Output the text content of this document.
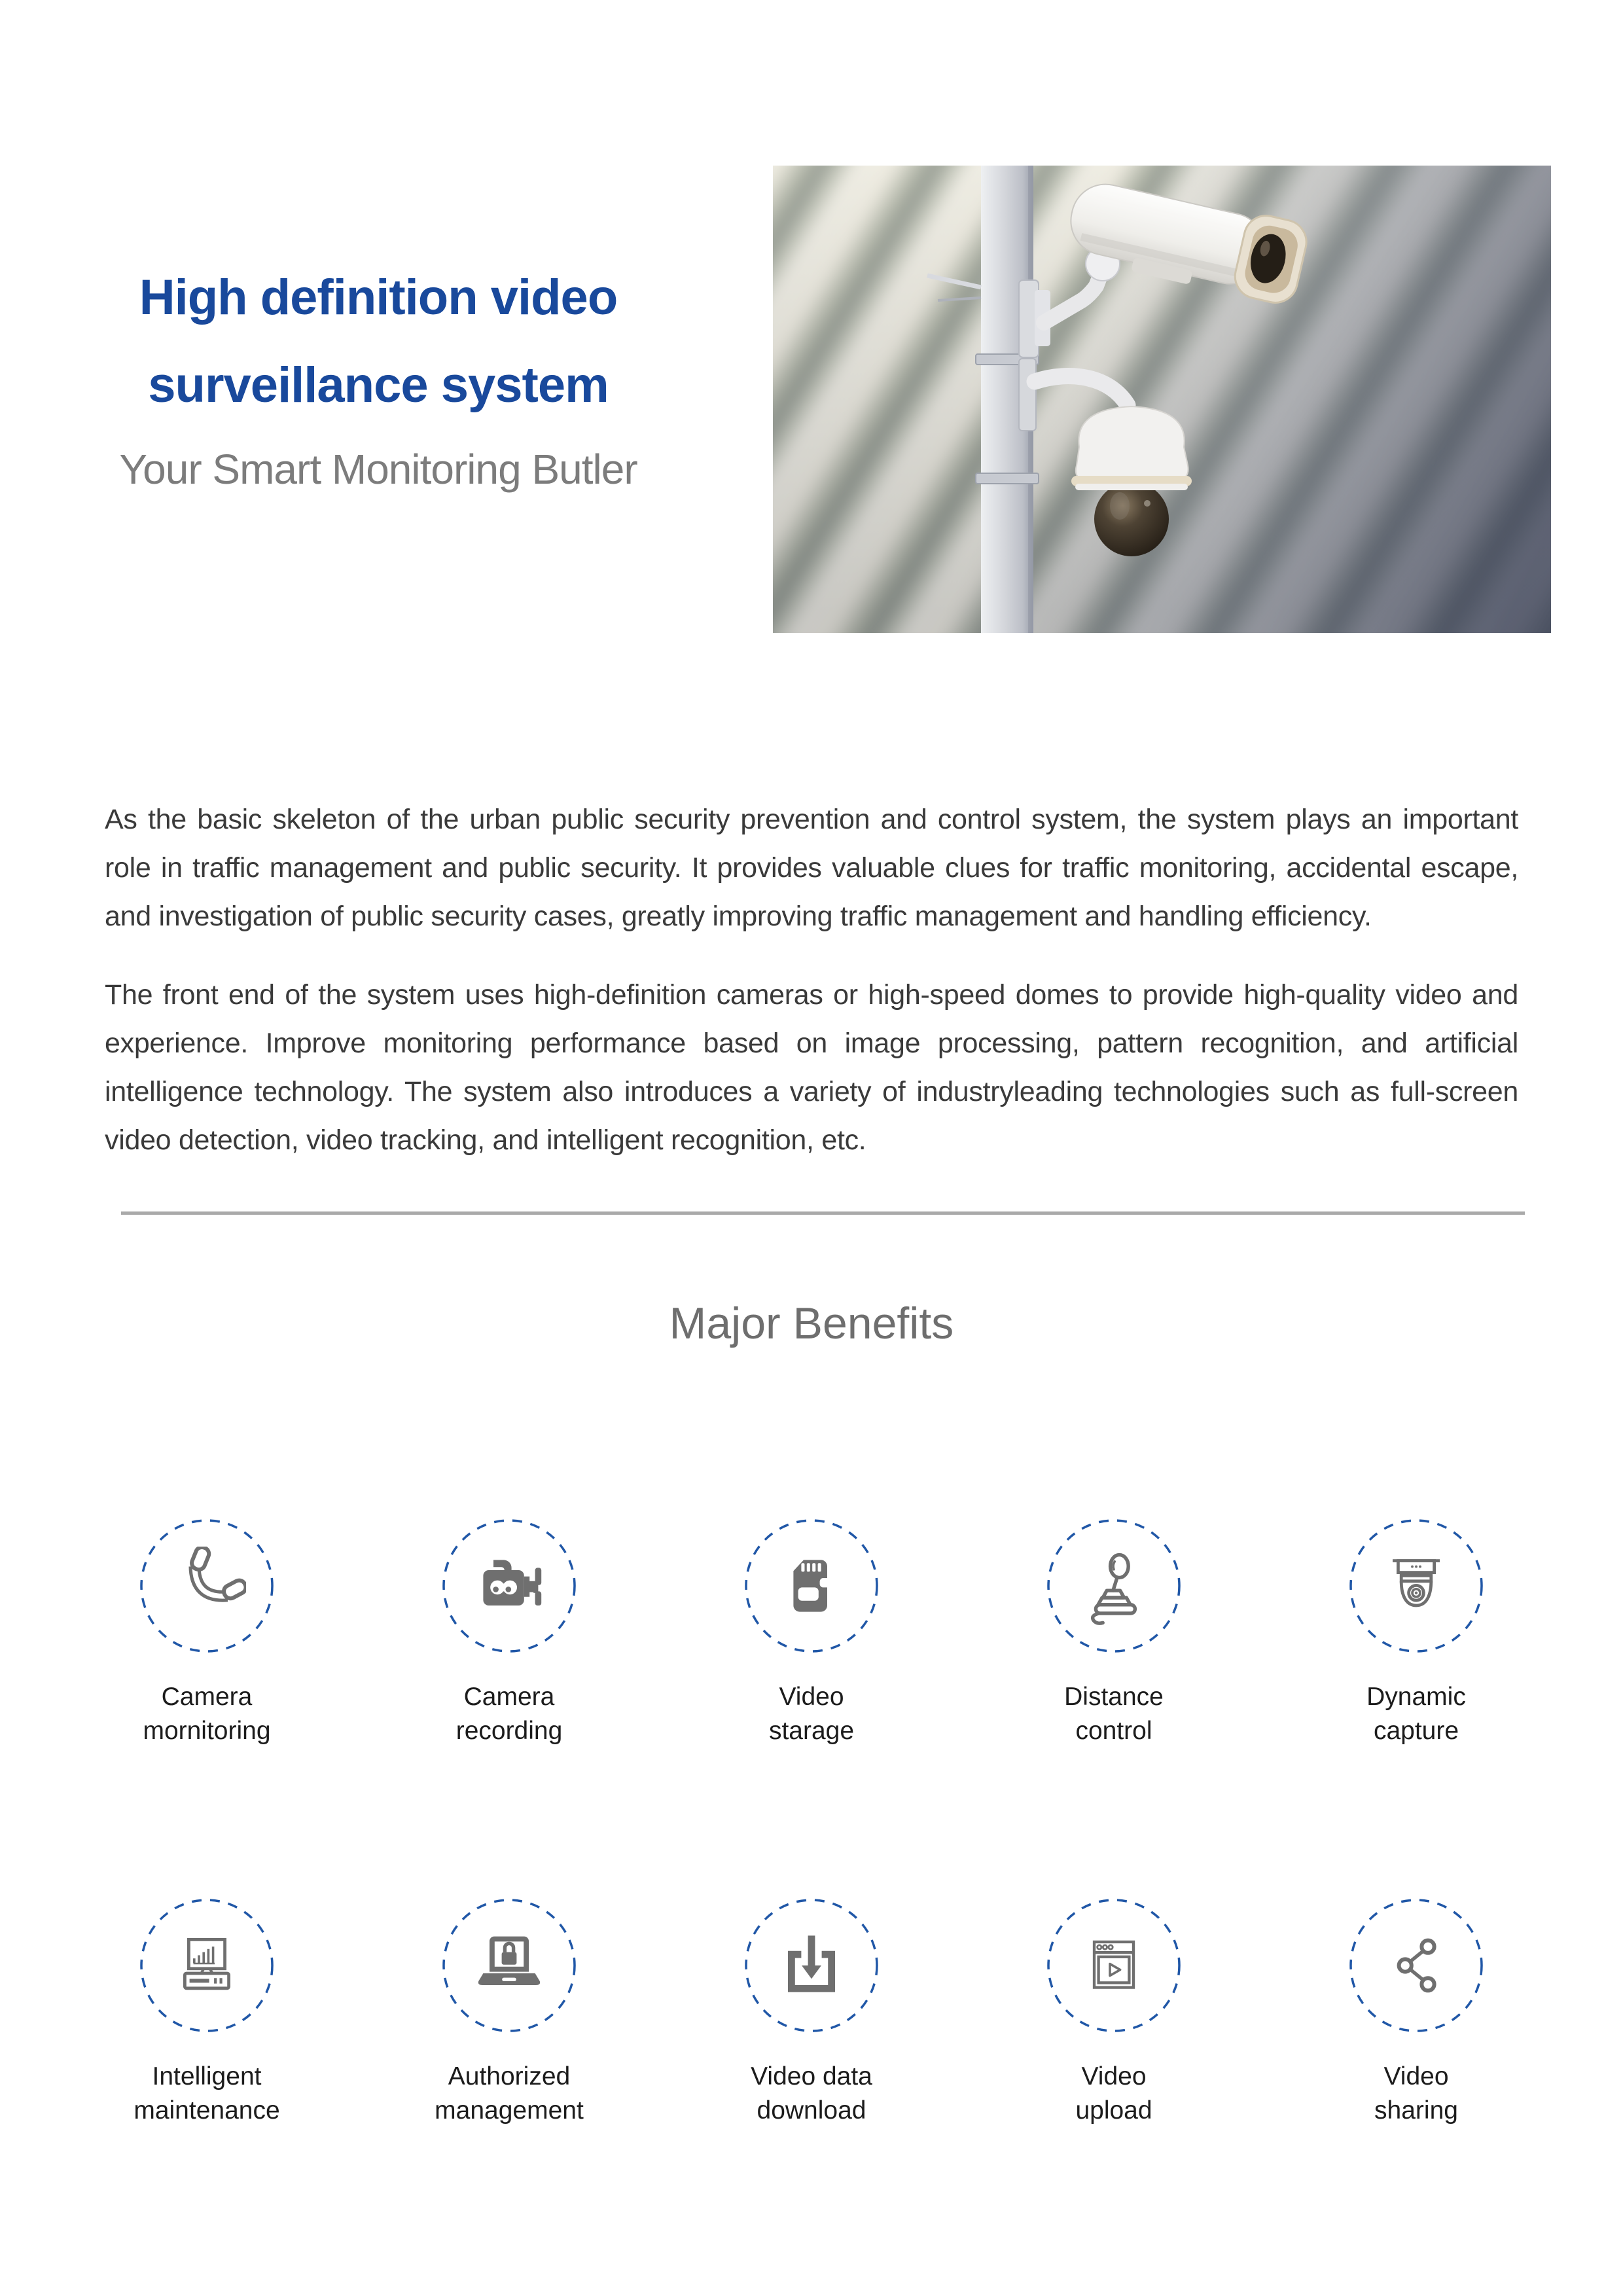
High definition video
surveillance system
Your Smart Monitoring Butler

As the basic skeleton of the urban public security prevention and control system, the system plays an important role in traffic management and public security. It provides valuable clues for traffic monitoring, accidental escape, and investigation of public security cases, greatly improving traffic management and handling efficiency.

The front end of the system uses high-definition cameras or high-speed domes to provide high-quality video and experience. Improve monitoring performance based on image processing, pattern recognition, and artificial intelligence technology. The system also introduces a variety of industryleading technologies such as full-screen video detection, video tracking, and intelligent recognition, etc.

Major Benefits
Camera
mornitoring
Camera
recording
Video
starage
Distance
control
Dynamic
capture
Intelligent
maintenance
Authorized
management
Video data
download
Video
upload
Video
sharing
